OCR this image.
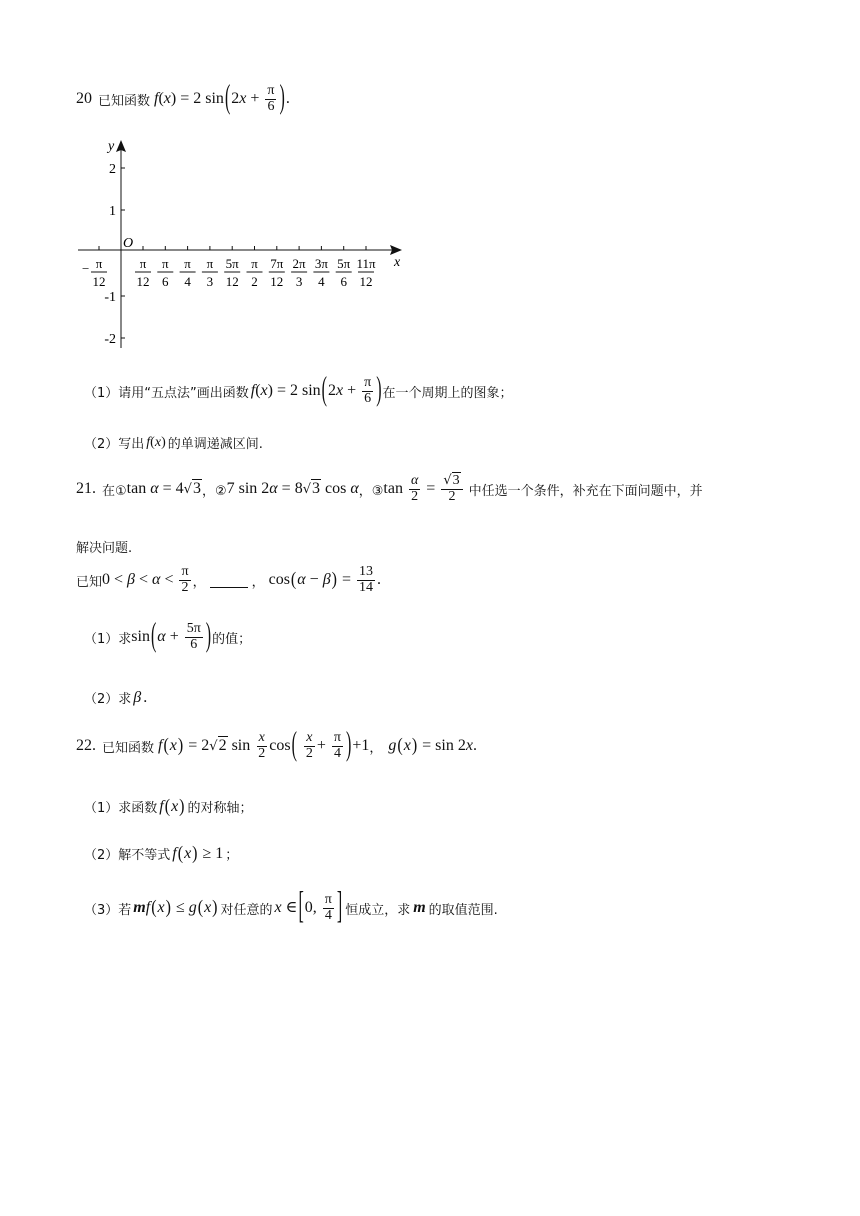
20 已知函数 f(x) = 2 $\sin(2x + \frac{\pi}{6}$ ).
y
x
O
2
1
-1
-2
− π
12
π
12
π
6
π
4
π
3
5π
12
π
2
7π
12
2π
3
3π
4
5π
6
11π
12
（1）请用“五点法”画出函数 f(x) = 2 $\sin(2x + \frac{\pi}{6}$ ) 在一个周期上的图象；
（2）写出 f(x) 的单调递减区间.
21. 在① tan α = 4√3 ，② 7 sin 2α = 8√3 cos α ，③ $\tan \frac{\alpha}{2} = \frac{√3}{2}$ 中任选一个条件，补充在下面问题中，并
解决问题.
已知 $0 < \beta < \alpha < \frac{\pi}{2}$ ，	， $\cos(\alpha - \beta) = \frac{13}{14}$ .
（1）求 $\sin(\alpha + \frac{5\pi}{6}$ ) 的值；
（2）求 β .
22. 已知函数 f(x) = 2√2 $\sin \frac{x}{2} \cos( \frac{x}{2} + \frac{\pi}{4} )+1$ ， g(x) = sin 2x.
（1）求函数 f(x) 的对称轴；
（2）解不等式 f(x) ≥ 1 ；
（3）若 mf(x) ≤ g(x) 对任意的 x ∈[0, $\frac{\pi}{4}$ ] 恒成立，求 m 的取值范围.
